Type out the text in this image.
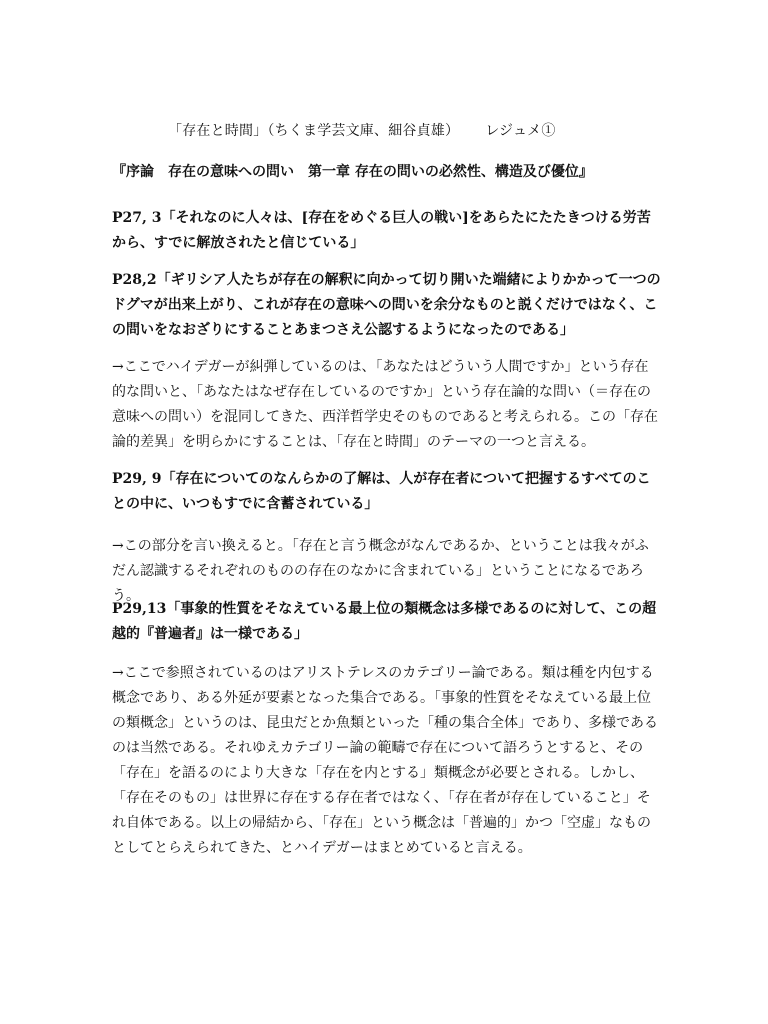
「存在と時間」（ちくま学芸文庫、細谷貞雄） レジュメ①
『序論　存在の意味への問い　第一章 存在の問いの必然性、構造及び優位』
P27, 3「それなのに人々は、[存在をめぐる巨人の戦い]をあらたにたたきつける労苦から、すでに解放されたと信じている」
P28,2「ギリシア人たちが存在の解釈に向かって切り開いた端緒によりかかって一つのドグマが出来上がり、これが存在の意味への問いを余分なものと説くだけではなく、この問いをなおざりにすることあまつさえ公認するようになったのである」
→ここでハイデガーが糾弾しているのは、「あなたはどういう人間ですか」という存在的な問いと、「あなたはなぜ存在しているのですか」という存在論的な問い（＝存在の意味への問い）を混同してきた、西洋哲学史そのものであると考えられる。この「存在論的差異」を明らかにすることは、「存在と時間」のテーマの一つと言える。
P29, 9「存在についてのなんらかの了解は、人が存在者について把握するすべてのことの中に、いつもすでに含蓄されている」
→この部分を言い換えると。「存在と言う概念がなんであるか、ということは我々がふだん認識するそれぞれのものの存在のなかに含まれている」ということになるであろう。
P29,13「事象的性質をそなえている最上位の類概念は多様であるのに対して、この超越的『普遍者』は一様である」
→ここで参照されているのはアリストテレスのカテゴリー論である。類は種を内包する概念であり、ある外延が要素となった集合である。「事象的性質をそなえている最上位の類概念」というのは、昆虫だとか魚類といった「種の集合全体」であり、多様であるのは当然である。それゆえカテゴリー論の範疇で存在について語ろうとすると、その「存在」を語るのにより大きな「存在を内とする」類概念が必要とされる。しかし、「存在そのもの」は世界に存在する存在者ではなく、「存在者が存在していること」それ自体である。以上の帰結から、「存在」という概念は「普遍的」かつ「空虚」なものとしてとらえられてきた、とハイデガーはまとめていると言える。
